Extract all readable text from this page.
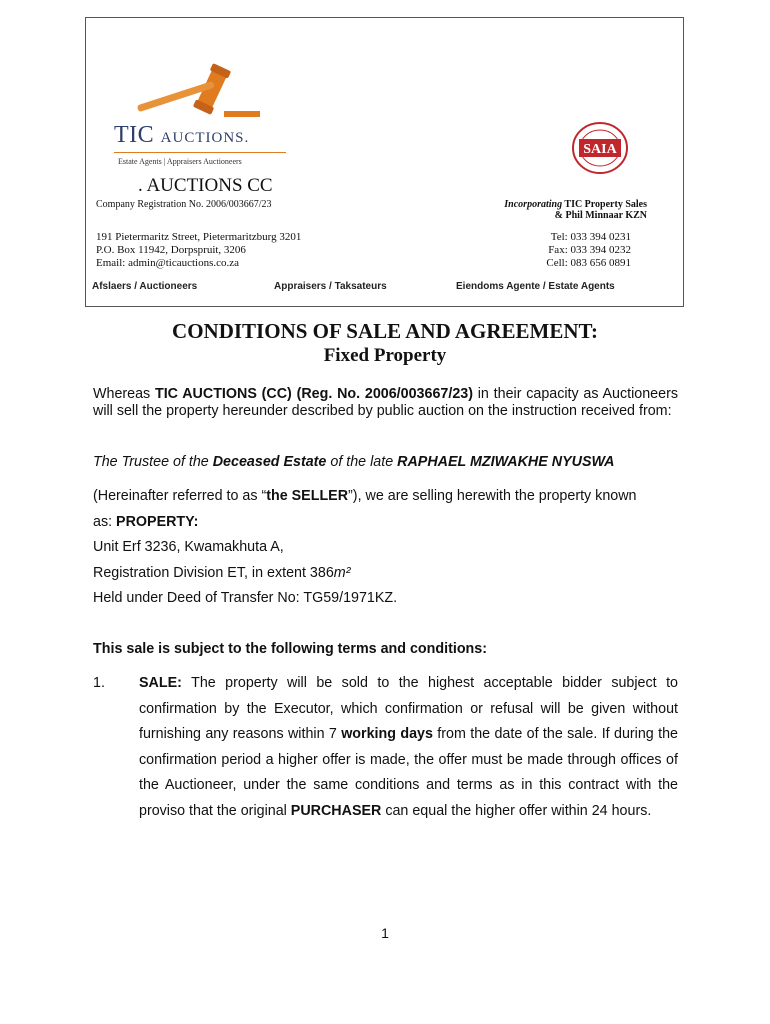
TIC AUCTIONS.
Estate Agents | Appraisers Auctioneers
SAIA
. AUCTIONS CC
Company Registration No. 2006/003667/23	Incorporating TIC Property Sales
& Phil Minnaar KZN
191 Pietermaritz Street, Pietermaritzburg 3201
P.O. Box 11942, Dorpspruit, 3206
Email: admin@ticauctions.co.za
Tel: 033 394 0231
Fax: 033 394 0232
Cell: 083 656 0891
Afslaers / Auctioneers	Appraisers / Taksateurs	Eiendoms Agente / Estate Agents
CONDITIONS OF SALE AND AGREEMENT:
Fixed Property
Whereas TIC AUCTIONS (CC) (Reg. No. 2006/003667/23) in their capacity as Auctioneers will sell the property hereunder described by public auction on the instruction received from:
The Trustee of the Deceased Estate of the late RAPHAEL MZIWAKHE NYUSWA
(Hereinafter referred to as “the SELLER”), we are selling herewith the property known
as: PROPERTY:
Unit Erf 3236, Kwamakhuta A,
Registration Division ET, in extent 386m²
Held under Deed of Transfer No: TG59/1971KZ.
This sale is subject to the following terms and conditions:
1. SALE: The property will be sold to the highest acceptable bidder subject to confirmation by the Executor, which confirmation or refusal will be given without furnishing any reasons within 7 working days from the date of the sale. If during the confirmation period a higher offer is made, the offer must be made through offices of the Auctioneer, under the same conditions and terms as in this contract with the proviso that the original PURCHASER can equal the higher offer within 24 hours.
1
